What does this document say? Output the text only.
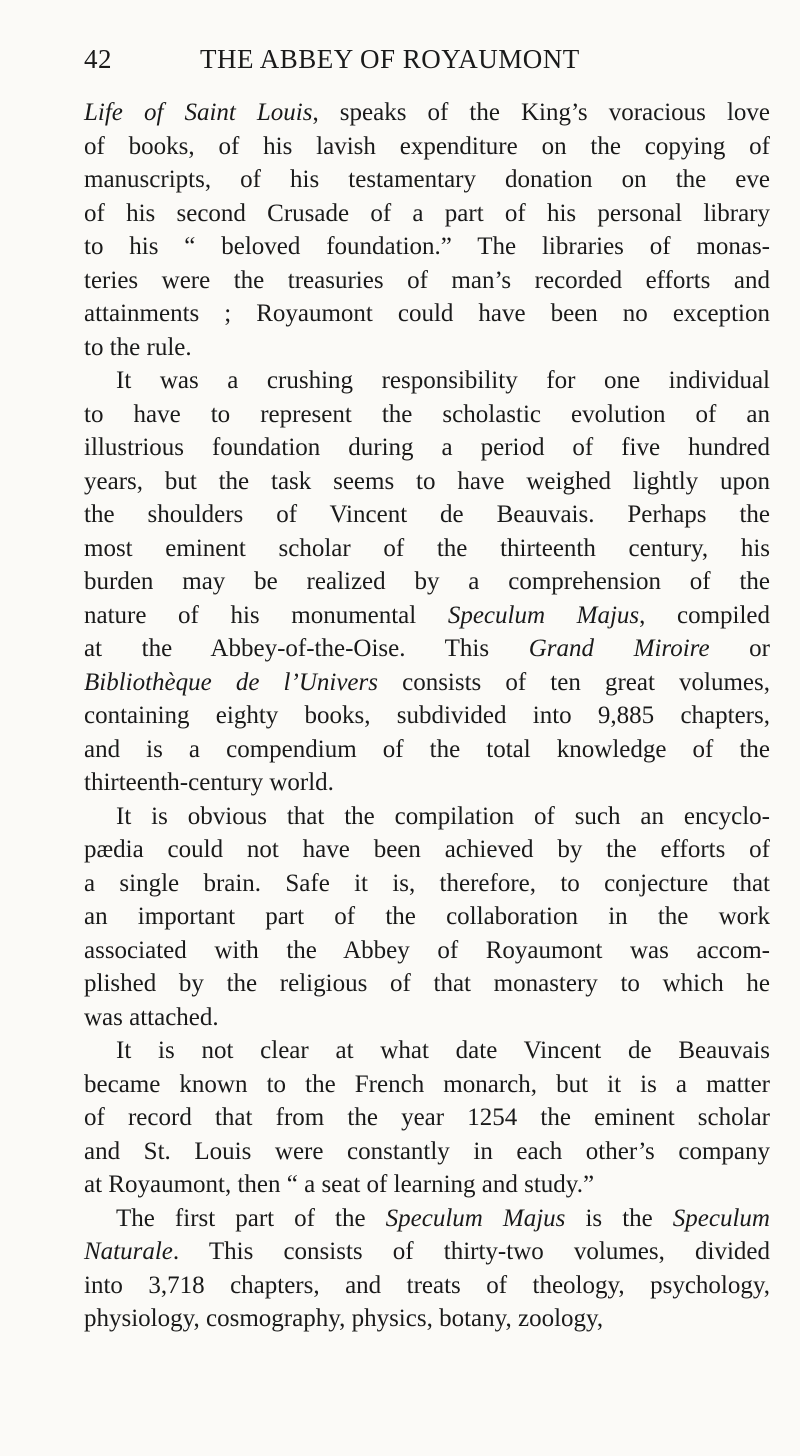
42	THE ABBEY OF ROYAUMONT
Life of Saint Louis, speaks of the King’s voracious love
of books, of his lavish expenditure on the copying of
manuscripts, of his testamentary donation on the eve
of his second Crusade of a part of his personal library
to his “ beloved foundation.” The libraries of monas-
teries were the treasuries of man’s recorded efforts and
attainments ; Royaumont could have been no exception
to the rule.
It was a crushing responsibility for one individual
to have to represent the scholastic evolution of an
illustrious foundation during a period of five hundred
years, but the task seems to have weighed lightly upon
the shoulders of Vincent de Beauvais. Perhaps the
most eminent scholar of the thirteenth century, his
burden may be realized by a comprehension of the
nature of his monumental Speculum Majus, compiled
at the Abbey-of-the-Oise. This Grand Miroire or
Bibliothèque de l’Univers consists of ten great volumes,
containing eighty books, subdivided into 9,885 chapters,
and is a compendium of the total knowledge of the
thirteenth-century world.
It is obvious that the compilation of such an encyclo-
pædia could not have been achieved by the efforts of
a single brain. Safe it is, therefore, to conjecture that
an important part of the collaboration in the work
associated with the Abbey of Royaumont was accom-
plished by the religious of that monastery to which he
was attached.
It is not clear at what date Vincent de Beauvais
became known to the French monarch, but it is a matter
of record that from the year 1254 the eminent scholar
and St. Louis were constantly in each other’s company
at Royaumont, then “ a seat of learning and study.”
The first part of the Speculum Majus is the Speculum
Naturale. This consists of thirty-two volumes, divided
into 3,718 chapters, and treats of theology, psychology,
physiology, cosmography, physics, botany, zoology,
